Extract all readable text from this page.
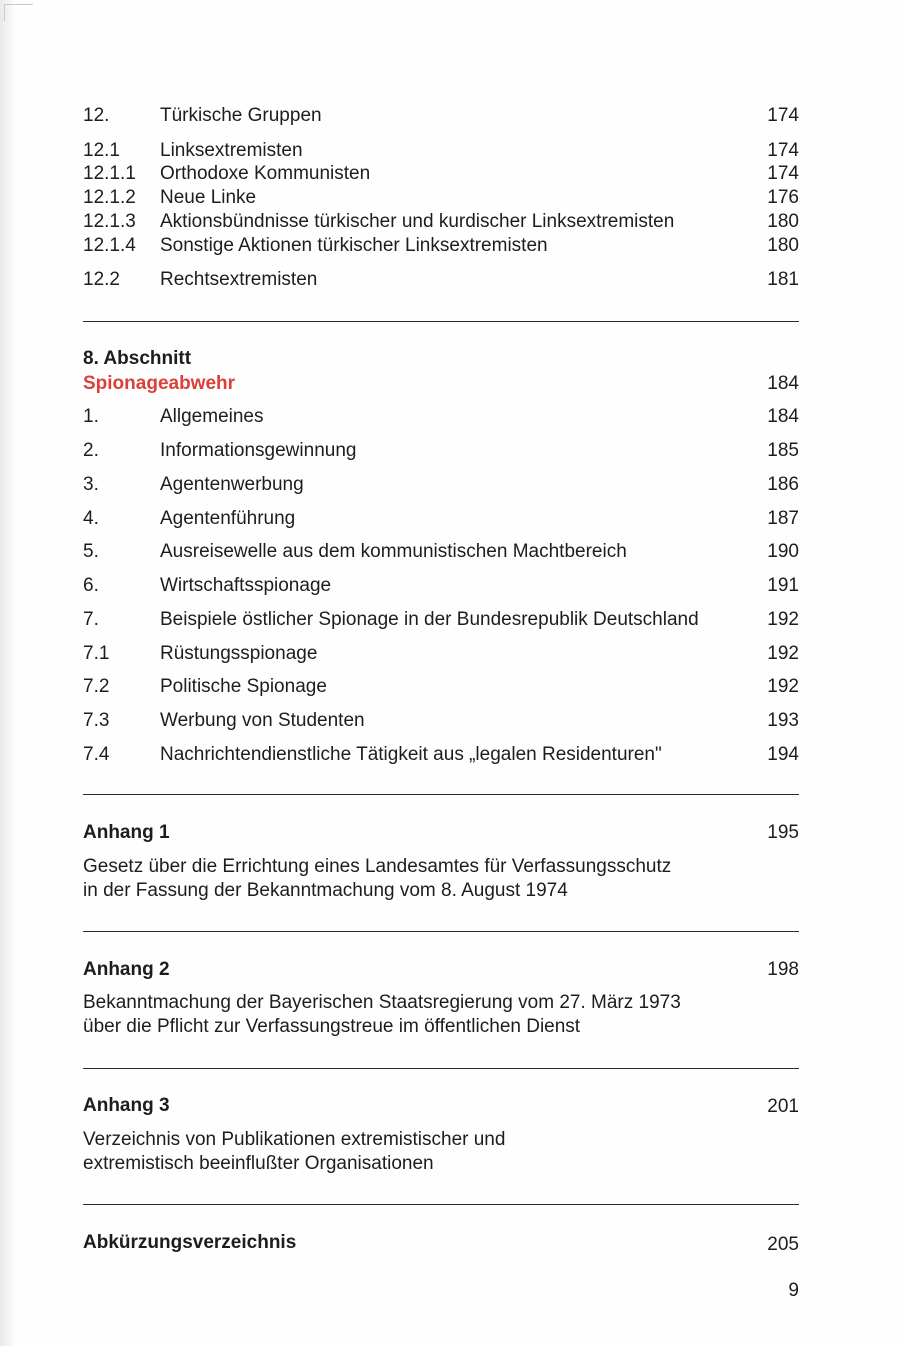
12.	Türkische Gruppen	174
12.1 Linksextremisten	174
12.1.1 Orthodoxe Kommunisten	174
12.1.2 Neue Linke	176
12.1.3 Aktionsbündnisse türkischer und kurdischer Linksextremisten	180
12.1.4 Sonstige Aktionen türkischer Linksextremisten	180
12.2 Rechtsextremisten	181
8. Abschnitt
Spionageabwehr	184
1.	Allgemeines	184
2.	Informationsgewinnung	185
3.	Agentenwerbung	186
4.	Agentenführung	187
5.	Ausreisewelle aus dem kommunistischen Machtbereich	190
6.	Wirtschaftsspionage	191
7.	Beispiele östlicher Spionage in der Bundesrepublik Deutschland	192
7.1	Rüstungsspionage	192
7.2	Politische Spionage	192
7.3	Werbung von Studenten	193
7.4	Nachrichtendienstliche Tätigkeit aus „legalen Residenturen"	194
Anhang 1	195
Gesetz über die Errichtung eines Landesamtes für Verfassungsschutz
in der Fassung der Bekanntmachung vom 8. August 1974
Anhang 2	198
Bekanntmachung der Bayerischen Staatsregierung vom 27. März 1973
über die Pflicht zur Verfassungstreue im öffentlichen Dienst
Anhang 3	201
Verzeichnis von Publikationen extremistischer und
extremistisch beeinflußter Organisationen
Abkürzungsverzeichnis	205
9
